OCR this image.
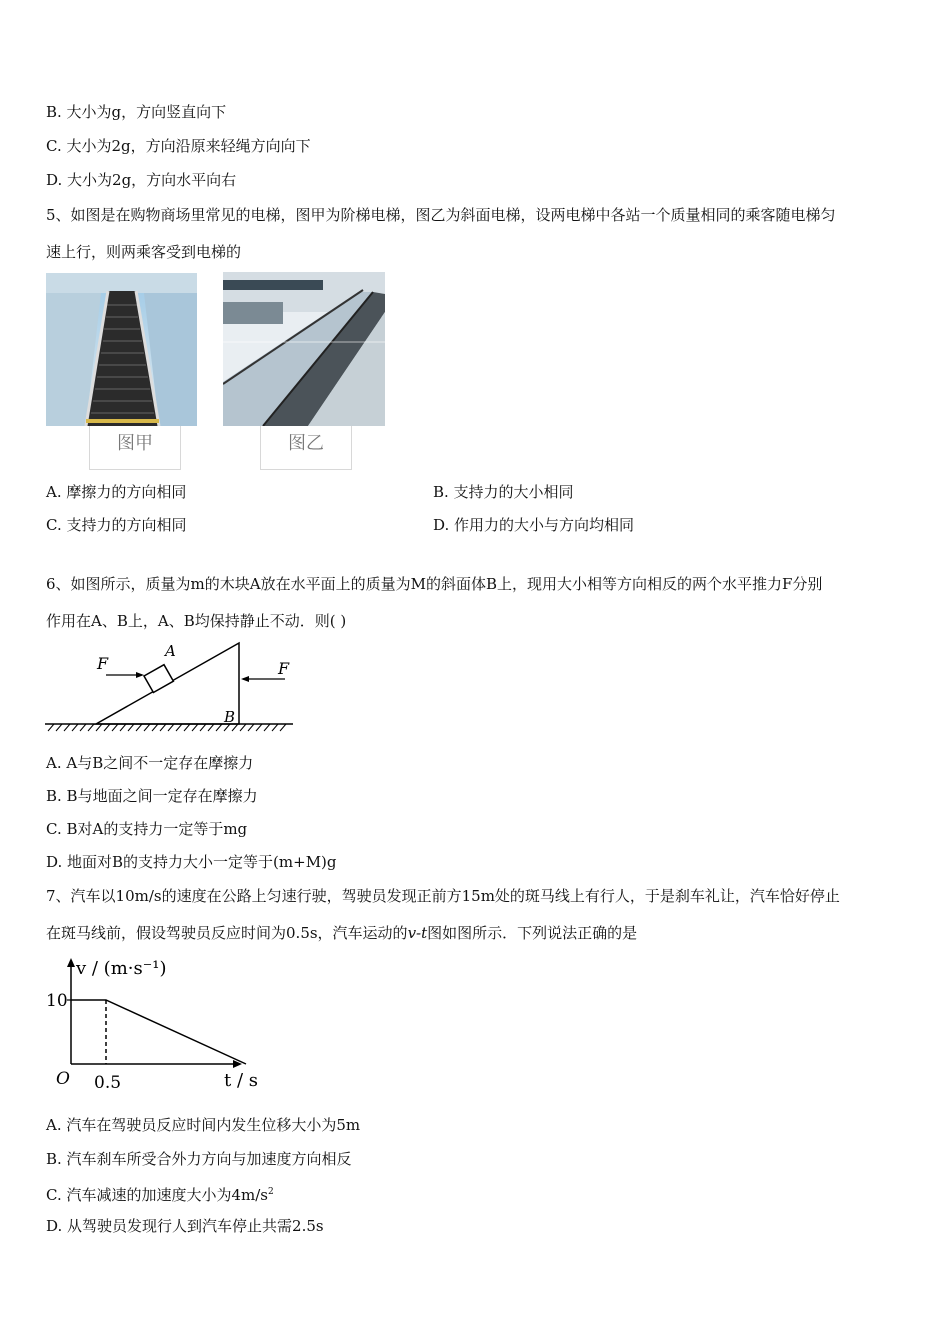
B. 大小为g，方向竖直向下
C. 大小为2g，方向沿原来轻绳方向向下
D. 大小为2g，方向水平向右
5、如图是在购物商场里常见的电梯，图甲为阶梯电梯，图乙为斜面电梯，设两电梯中各站一个质量相同的乘客随电梯匀
速上行，则两乘客受到电梯的
图甲	图乙
A. 摩擦力的方向相同	B. 支持力的大小相同
C. 支持力的方向相同	D. 作用力的大小与方向均相同
6、如图所示，质量为m的木块A放在水平面上的质量为M的斜面体B上，现用大小相等方向相反的两个水平推力F分别
作用在A、B上，A、B均保持静止不动．则( )
F	F
A
B
A. A与B之间不一定存在摩擦力
B. B与地面之间一定存在摩擦力
C. B对A的支持力一定等于mg
D. 地面对B的支持力大小一定等于(m+M)g
7、汽车以10m/s的速度在公路上匀速行驶，驾驶员发现正前方15m处的斑马线上有行人，于是刹车礼让，汽车恰好停止
在斑马线前，假设驾驶员反应时间为0.5s，汽车运动的v-t图如图所示．下列说法正确的是
v / (m·s⁻¹)
t / s
O
10
0.5
A. 汽车在驾驶员反应时间内发生位移大小为5m
B. 汽车刹车所受合外力方向与加速度方向相反
C. 汽车减速的加速度大小为$4m/s^2$
D. 从驾驶员发现行人到汽车停止共需2.5s
